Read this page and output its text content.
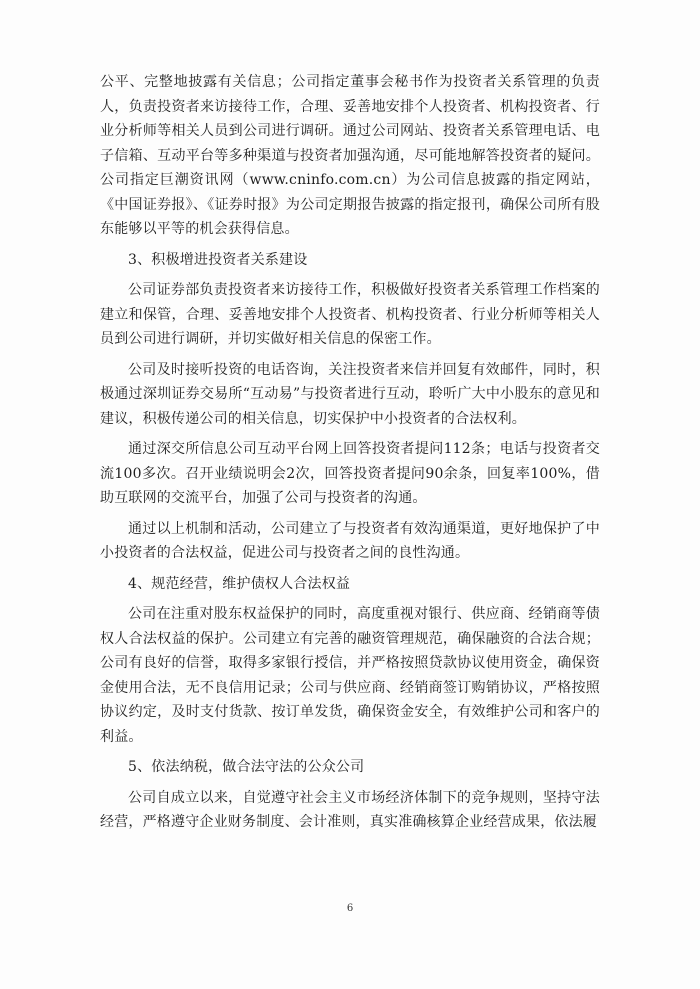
公平、完整地披露有关信息；公司指定董事会秘书作为投资者关系管理的负责人，负责投资者来访接待工作，合理、妥善地安排个人投资者、机构投资者、行业分析师等相关人员到公司进行调研。通过公司网站、投资者关系管理电话、电子信箱、互动平台等多种渠道与投资者加强沟通，尽可能地解答投资者的疑问。公司指定巨潮资讯网（www.cninfo.com.cn）为公司信息披露的指定网站，《中国证券报》、《证券时报》为公司定期报告披露的指定报刊，确保公司所有股东能够以平等的机会获得信息。

3、积极增进投资者关系建设

公司证券部负责投资者来访接待工作，积极做好投资者关系管理工作档案的建立和保管，合理、妥善地安排个人投资者、机构投资者、行业分析师等相关人员到公司进行调研，并切实做好相关信息的保密工作。

公司及时接听投资的电话咨询，关注投资者来信并回复有效邮件，同时，积极通过深圳证券交易所“互动易”与投资者进行互动，聆听广大中小股东的意见和建议，积极传递公司的相关信息，切实保护中小投资者的合法权利。

通过深交所信息公司互动平台网上回答投资者提问112条；电话与投资者交流100多次。召开业绩说明会2次，回答投资者提问90余条，回复率100%，借助互联网的交流平台，加强了公司与投资者的沟通。

通过以上机制和活动，公司建立了与投资者有效沟通渠道，更好地保护了中小投资者的合法权益，促进公司与投资者之间的良性沟通。

4、规范经营，维护债权人合法权益

公司在注重对股东权益保护的同时，高度重视对银行、供应商、经销商等债权人合法权益的保护。公司建立有完善的融资管理规范，确保融资的合法合规；公司有良好的信誉，取得多家银行授信，并严格按照贷款协议使用资金，确保资金使用合法，无不良信用记录；公司与供应商、经销商签订购销协议，严格按照协议约定，及时支付货款、按订单发货，确保资金安全，有效维护公司和客户的利益。

5、依法纳税，做合法守法的公众公司

公司自成立以来，自觉遵守社会主义市场经济体制下的竞争规则，坚持守法经营，严格遵守企业财务制度、会计准则，真实准确核算企业经营成果，依法履

6
